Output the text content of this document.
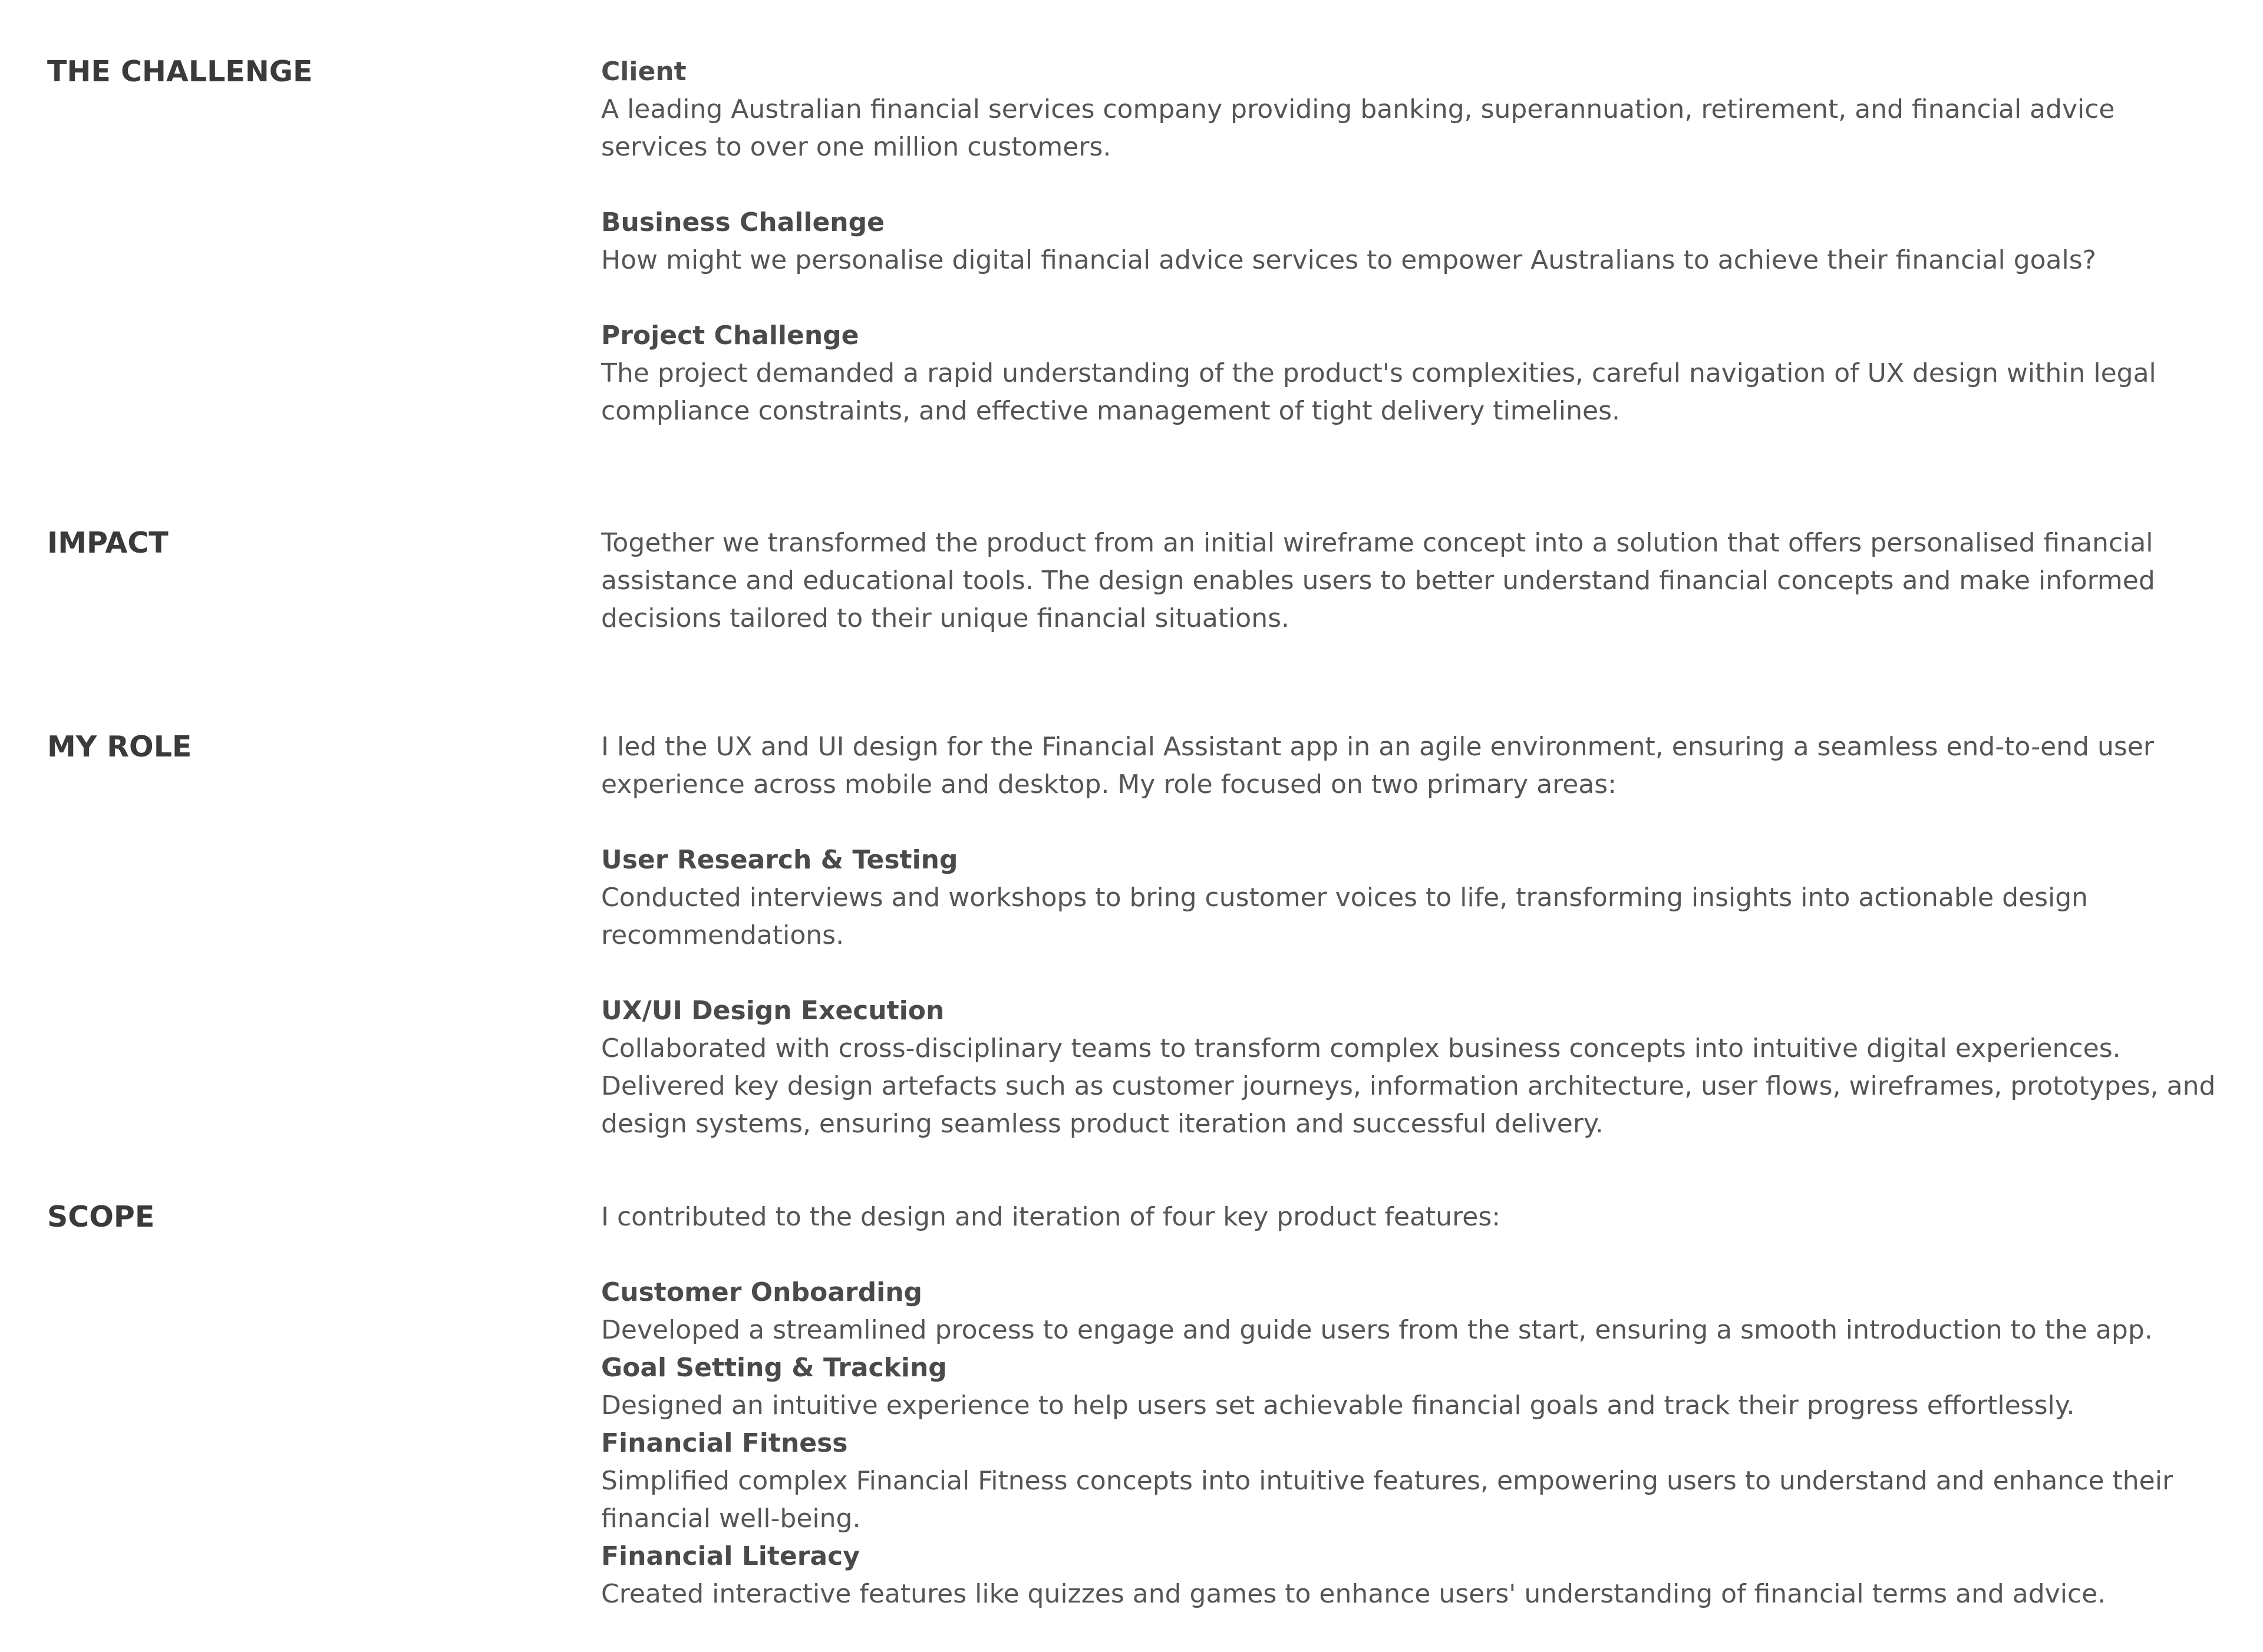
THE CHALLENGE	Client
A leading Australian financial services company providing banking, superannuation, retirement, and financial advice services to over one million customers.

Business Challenge
How might we personalise digital financial advice services to empower Australians to achieve their financial goals?

Project Challenge
The project demanded a rapid understanding of the product's complexities, careful navigation of UX design within legal compliance constraints, and effective management of tight delivery timelines.

IMPACT	Together we transformed the product from an initial wireframe concept into a solution that offers personalised financial assistance and educational tools. The design enables users to better understand financial concepts and make informed decisions tailored to their unique financial situations.

MY ROLE	I led the UX and UI design for the Financial Assistant app in an agile environment, ensuring a seamless end-to-end user experience across mobile and desktop. My role focused on two primary areas:

User Research & Testing
Conducted interviews and workshops to bring customer voices to life, transforming insights into actionable design recommendations.

UX/UI Design Execution
Collaborated with cross-disciplinary teams to transform complex business concepts into intuitive digital experiences. Delivered key design artefacts such as customer journeys, information architecture, user flows, wireframes, prototypes, and design systems, ensuring seamless product iteration and successful delivery.

SCOPE	I contributed to the design and iteration of four key product features:

Customer Onboarding
Developed a streamlined process to engage and guide users from the start, ensuring a smooth introduction to the app.

Goal Setting & Tracking
Designed an intuitive experience to help users set achievable financial goals and track their progress effortlessly.

Financial Fitness
Simplified complex Financial Fitness concepts into intuitive features, empowering users to understand and enhance their financial well-being.

Financial Literacy
Created interactive features like quizzes and games to enhance users' understanding of financial terms and advice.
